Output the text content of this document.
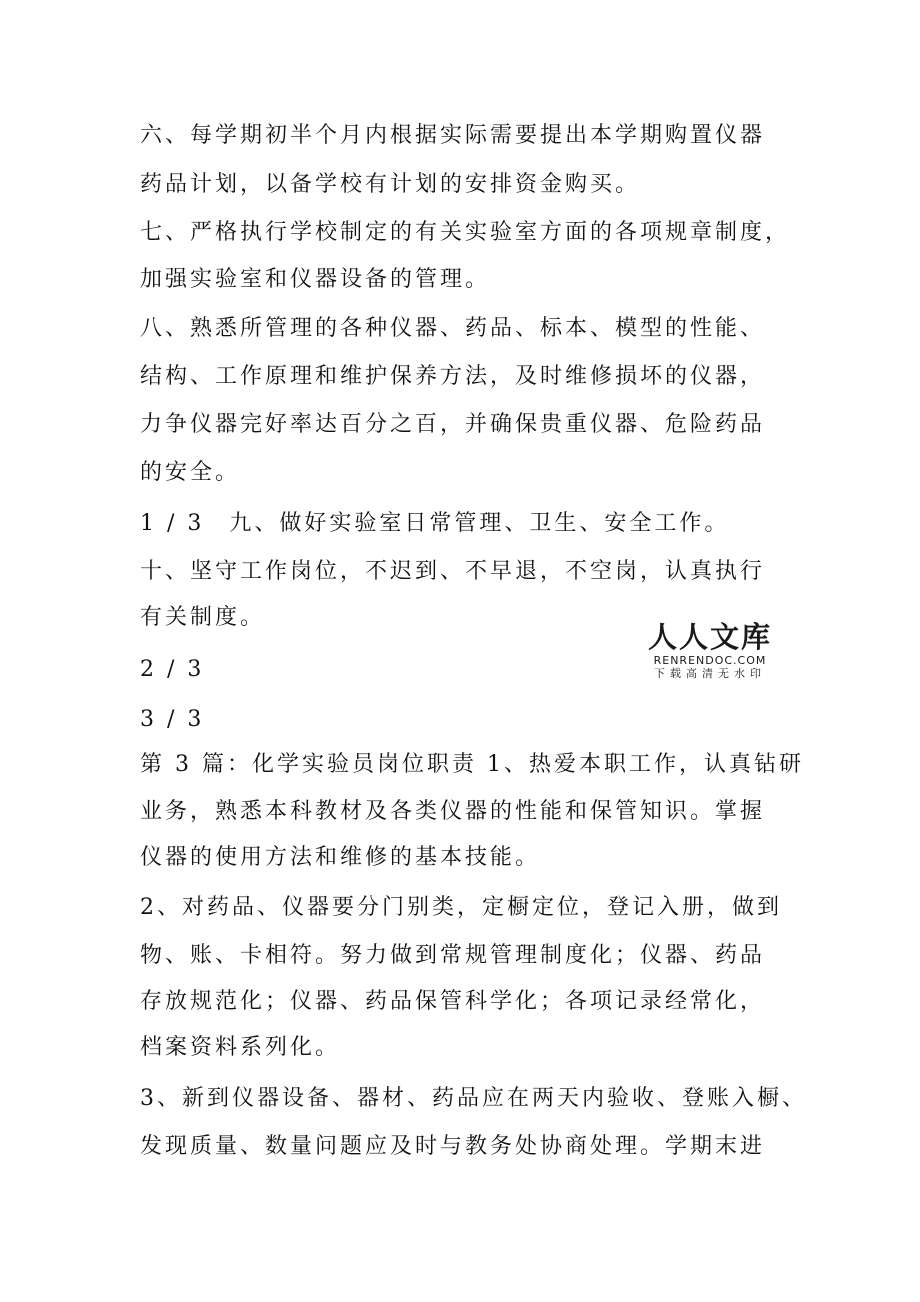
六、每学期初半个月内根据实际需要提出本学期购置仪器
药品计划，以备学校有计划的安排资金购买。
七、严格执行学校制定的有关实验室方面的各项规章制度，
加强实验室和仪器设备的管理。
八、熟悉所管理的各种仪器、药品、标本、模型的性能、
结构、工作原理和维护保养方法，及时维修损坏的仪器，
力争仪器完好率达百分之百，并确保贵重仪器、危险药品
的安全。
1 / 3　九、做好实验室日常管理、卫生、安全工作。
十、坚守工作岗位，不迟到、不早退，不空岗，认真执行
有关制度。
2 / 3
3 / 3
第 3 篇：化学实验员岗位职责 1、热爱本职工作，认真钻研
业务，熟悉本科教材及各类仪器的性能和保管知识。掌握
仪器的使用方法和维修的基本技能。
2、对药品、仪器要分门别类，定橱定位，登记入册，做到
物、账、卡相符。努力做到常规管理制度化；仪器、药品
存放规范化；仪器、药品保管科学化；各项记录经常化，
档案资料系列化。
3、新到仪器设备、器材、药品应在两天内验收、登账入橱、
发现质量、数量问题应及时与教务处协商处理。学期末进
人人文库
RENRENDOC.COM
下载高清无水印
